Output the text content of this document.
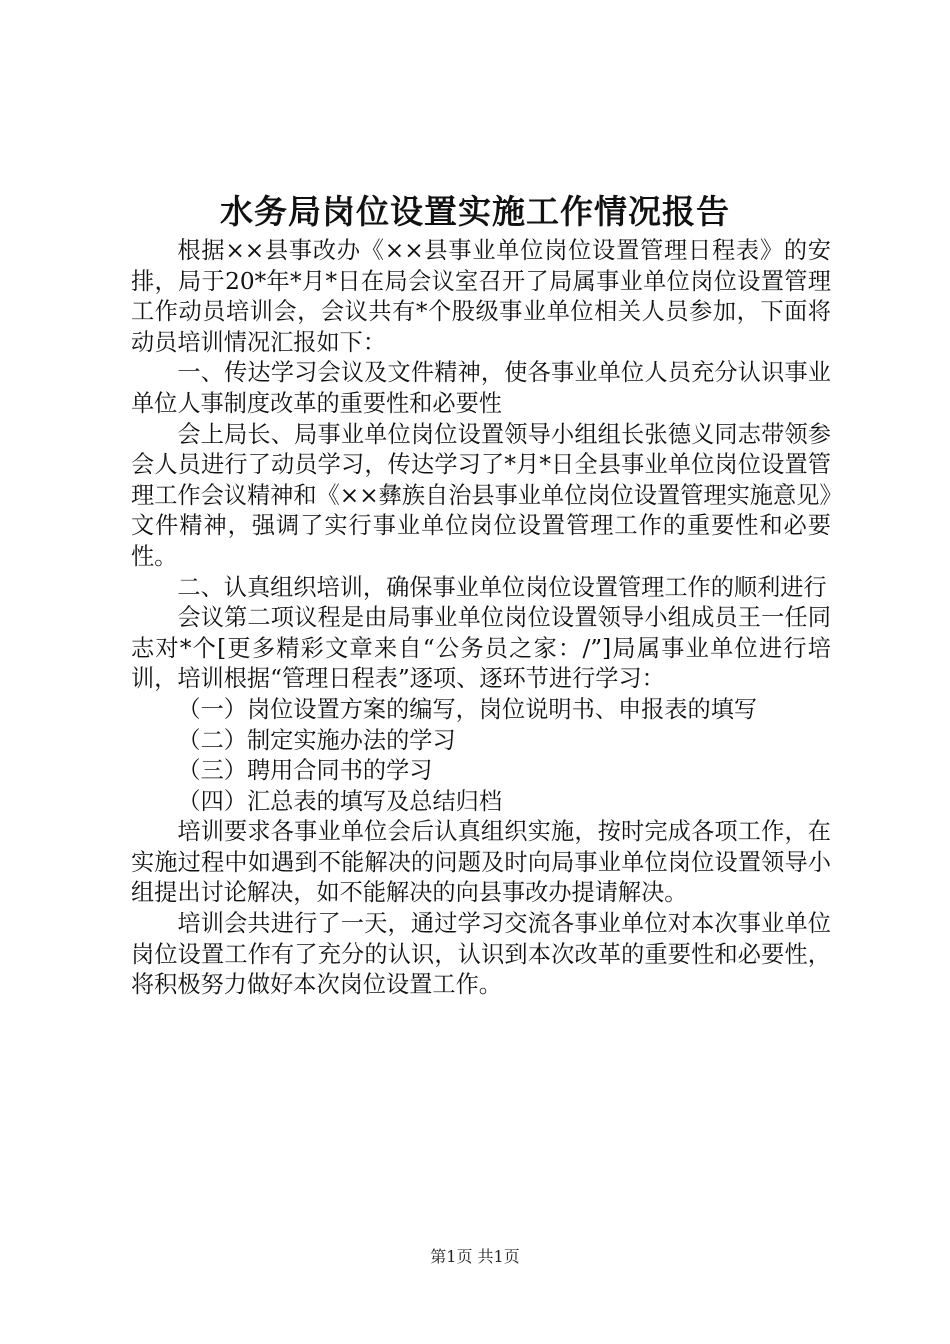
水务局岗位设置实施工作情况报告

根据××县事改办《××县事业单位岗位设置管理日程表》的安排，局于20*年*月*日在局会议室召开了局属事业单位岗位设置管理工作动员培训会，会议共有*个股级事业单位相关人员参加，下面将动员培训情况汇报如下：

一、传达学习会议及文件精神，使各事业单位人员充分认识事业单位人事制度改革的重要性和必要性

会上局长、局事业单位岗位设置领导小组组长张德义同志带领参会人员进行了动员学习，传达学习了*月*日全县事业单位岗位设置管理工作会议精神和《××彝族自治县事业单位岗位设置管理实施意见》文件精神，强调了实行事业单位岗位设置管理工作的重要性和必要性。

二、认真组织培训，确保事业单位岗位设置管理工作的顺利进行

会议第二项议程是由局事业单位岗位设置领导小组成员王一任同志对*个[更多精彩文章来自“公务员之家：/”]局属事业单位进行培训，培训根据“管理日程表”逐项、逐环节进行学习：

（一）岗位设置方案的编写，岗位说明书、申报表的填写

（二）制定实施办法的学习

（三）聘用合同书的学习

（四）汇总表的填写及总结归档

培训要求各事业单位会后认真组织实施，按时完成各项工作，在实施过程中如遇到不能解决的问题及时向局事业单位岗位设置领导小组提出讨论解决，如不能解决的向县事改办提请解决。

培训会共进行了一天，通过学习交流各事业单位对本次事业单位岗位设置工作有了充分的认识，认识到本次改革的重要性和必要性，将积极努力做好本次岗位设置工作。

第1页 共1页
